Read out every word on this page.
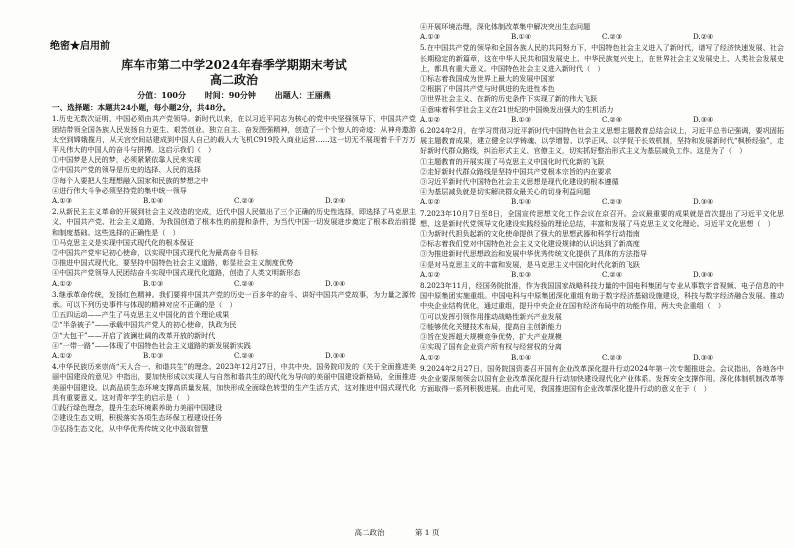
绝密★启用前
库车市第二中学2024年春季学期期末考试
高二政治
分值：100分 时间：90分钟 出题人：王丽燕

一、选择题：本题共24小题，每小题2分，共48分。

1.历史无数次证明，中国必须由共产党领导。新时代以来，在以习近平同志为核心的党中央坚强领导下，中国共产党团结带领全国各族人民发扬自力更生、艰苦创业、独立自主、奋发图强精神，创造了一个个惊人的奇迹：从神舟遨游太空到嫦娥揽月，从天宫空间站建成到中国人自己的载人大飞机C919投入商业运营……这一切无不展现着千千万万平凡伟大的中国人的奋斗与拼搏。这启示我们（　）

①中国梦是人民的梦，必须紧紧依靠人民来实现

②中国共产党的领导是历史的选择、人民的选择

③每个人要把人生理想融入国家和民族的梦想之中

④进行伟大斗争必须坚持党的集中统一领导

A.①③	B.①④	C.②③	D.②④

2.从新民主主义革命的开展到社会主义改造的完成，近代中国人民做出了三个正确的历史性选择，即选择了马克思主义、中国共产党、社会主义道路，为我国创造了根本性的前提和条件，为当代中国一切发展进步奠定了根本政治前提和制度基础。这些选择的正确性是（　）

①马克思主义是实现中国式现代化的根本保证

②中国共产党牢记初心使命，以实现中国式现代化为最高奋斗目标

③推进中国式现代化，要坚持中国特色社会主义道路，彰显社会主义制度优势

④中国共产党领导人民团结奋斗实现中国式现代化道路，创造了人类文明新形态

A.①②	B.①③	C.②④	D.③④

3.继承革命传统，发扬红色精神。我们要将中国共产党的历史一百多年的奋斗、讲好中国共产党故事，为力量之源传承。可以下列历史事件与体现的精神对应不正确的是（　）

①五四运动——产生了马克思主义中国化的首个理论成果

②“半条被子”——承载中国共产党人的初心使命，执政为民

③“大包干”——开启了波澜壮阔的改革开放的新时代

④“一带一路”——体现了中国特色社会主义道路的新发展新实践

A.①②	B.①③	C.②④	D.③④

4.中华民族历来崇尚“天人合一、和谐共生”的理念。2023年12月27日，中共中央、国务院印发的《关于全面推进美丽中国建设的意见》中指出，要加快形成以实现人与自然和谐共生的现代化为导向的美丽中国建设新格局，全面推进美丽中国建设。以高品质生态环境支撑高质量发展，加快形成全面绿色转型的生产生活方式，这对推进中国式现代化具有重要意义。这对青年学生的启示是（　）

①践行绿色理念，提升生态环境素养助力美丽中国建设

②建设生态文明，积极落实各项生态环保工程建设任务

③弘扬生态文化，从中华优秀传统文化中汲取智慧

④开展环境治理，深化体制改革集中解决突出生态问题

A.①③	B.①④	C.②③	D.②④

5.在中国共产党的领导和全国各族人民的共同努力下，中国特色社会主义进入了新时代，谱写了经济快速发展、社会长期稳定的新篇章，这在中华人民共和国发展史上、中华民族复兴史上，在世界社会主义发展史上、人类社会发展史上，都具有重大意义。中国特色社会主义进入新时代（　）

①标志着我国成为世界上最大的发展中国家

②根据了中国共产党与时俱进的先进性本色

③世界社会主义、在新的历史条件下实现了新的伟大飞跃

④意味着科学社会主义在21世纪的中国焕发出强大的生机活力

A.①②	B.①③	C.②④	D.③④

6.2024年2月，在学习贯彻习近平新时代中国特色社会主义思想主题教育总结会议上，习近平总书记强调，要巩固拓展主题教育成果，建立健全以学铸魂、以学增智、以学正风、以学促干长效机制，坚持和发展新时代“枫桥经验”，走好新时代群众路线，纠治形式主义、官僚主义，切实抓好整治形式主义为基层减负工作。这是为了（　）

①主题教育的开展实现了马克思主义中国化时代化新的飞跃

②走好新时代群众路线是坚持中国共产党根本宗旨的内在要求

③习近平新时代中国特色社会主义思想是现代化建设的根本遵循

④为基层减负就是切实解决群众最关心的切身利益问题

A.①②	B.①④	C.②③	D.③④

7.2023年10月7日至8日，全国宣传思想文化工作会议在京召开。会议最重要的成果就是首次提出了习近平文化思想，这是新时代党领导文化建设实践经验的理论总结，丰富和发展了马克思主义文化理论。习近平文化思想（　）

①为新时代担负起新的文化使命提供了强大的思想武器和科学行动指南

②标志着我们党对中国特色社会主义文化建设规律的认识达到了新高度

③为推进新时代思想政治和发展中华优秀传统文化提供了具体的方法指导

④是对马克思主义的丰富和发展，是马克思主义中国化时代化新的飞跃

A.①②	B.①③	C.②④	D.③④

8.2023年11月，经国务院批准，作为我国国家战略科技力量的中国电科集团与专业从事数字音视频、电子信息的中国中原集团实施重组。中国电科与中原集团深化重组有助于数字经济基础设施建设，科技与数字经济融合发展。推动中央企业结构优化，通过重组，提升中央企业在国有经济布局中的功能作用，两大央企重组（　）

①可以发挥引领作用推动战略性新兴产业发展

②能够优化关键技术布局，提高自主创新能力

③旨在发挥超大规模竞争优势，扩大产业规模

④实现了国有企业资产所有权与经营权的分离

A.①②	B.①④	C.②③	D.③④

9.2024年2月27日，国务院国资委召开国有企业改革深化提升行动2024年第一次专题推进会。会议指出，各地各中央企业要深刻领会以国有企业改革深化提升行动加快建设现代化产业体系、发挥安全支撑作用、深化体制机制改革等方面取得一系列积极进展。由此可见，我国推进国有企业改革深化提升行动的意义在于（　）

高二政治	第 1 页
